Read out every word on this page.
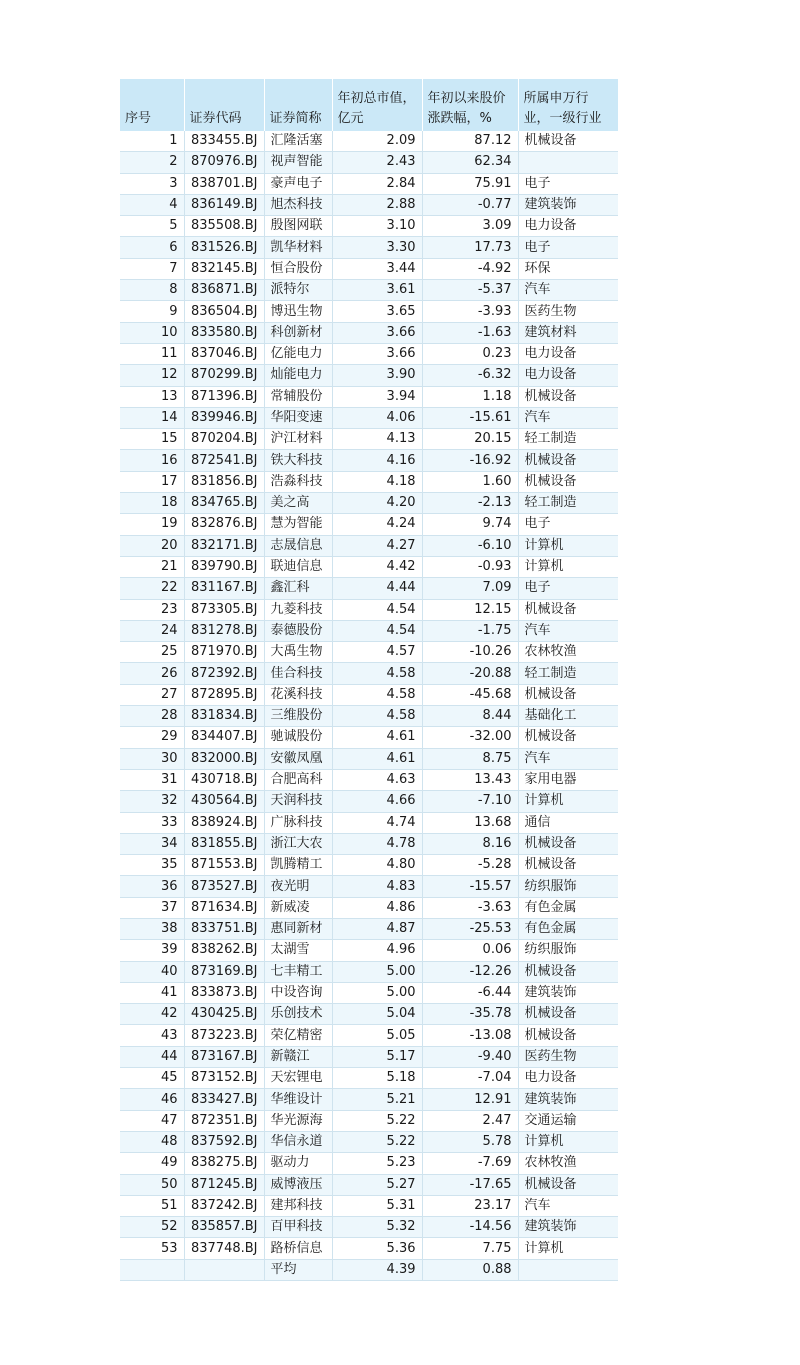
序号	证券代码	证券简称	年初总市值，亿元	年初以来股价涨跌幅，%	所属申万行业，一级行业
1	833455.BJ	汇隆活塞	2.09	87.12	机械设备
2	870976.BJ	视声智能	2.43	62.34	
3	838701.BJ	豪声电子	2.84	75.91	电子
4	836149.BJ	旭杰科技	2.88	-0.77	建筑装饰
5	835508.BJ	殷图网联	3.10	3.09	电力设备
6	831526.BJ	凯华材料	3.30	17.73	电子
7	832145.BJ	恒合股份	3.44	-4.92	环保
8	836871.BJ	派特尔	3.61	-5.37	汽车
9	836504.BJ	博迅生物	3.65	-3.93	医药生物
10	833580.BJ	科创新材	3.66	-1.63	建筑材料
11	837046.BJ	亿能电力	3.66	0.23	电力设备
12	870299.BJ	灿能电力	3.90	-6.32	电力设备
13	871396.BJ	常辅股份	3.94	1.18	机械设备
14	839946.BJ	华阳变速	4.06	-15.61	汽车
15	870204.BJ	沪江材料	4.13	20.15	轻工制造
16	872541.BJ	铁大科技	4.16	-16.92	机械设备
17	831856.BJ	浩淼科技	4.18	1.60	机械设备
18	834765.BJ	美之高	4.20	-2.13	轻工制造
19	832876.BJ	慧为智能	4.24	9.74	电子
20	832171.BJ	志晟信息	4.27	-6.10	计算机
21	839790.BJ	联迪信息	4.42	-0.93	计算机
22	831167.BJ	鑫汇科	4.44	7.09	电子
23	873305.BJ	九菱科技	4.54	12.15	机械设备
24	831278.BJ	泰德股份	4.54	-1.75	汽车
25	871970.BJ	大禹生物	4.57	-10.26	农林牧渔
26	872392.BJ	佳合科技	4.58	-20.88	轻工制造
27	872895.BJ	花溪科技	4.58	-45.68	机械设备
28	831834.BJ	三维股份	4.58	8.44	基础化工
29	834407.BJ	驰诚股份	4.61	-32.00	机械设备
30	832000.BJ	安徽凤凰	4.61	8.75	汽车
31	430718.BJ	合肥高科	4.63	13.43	家用电器
32	430564.BJ	天润科技	4.66	-7.10	计算机
33	838924.BJ	广脉科技	4.74	13.68	通信
34	831855.BJ	浙江大农	4.78	8.16	机械设备
35	871553.BJ	凯腾精工	4.80	-5.28	机械设备
36	873527.BJ	夜光明	4.83	-15.57	纺织服饰
37	871634.BJ	新威凌	4.86	-3.63	有色金属
38	833751.BJ	惠同新材	4.87	-25.53	有色金属
39	838262.BJ	太湖雪	4.96	0.06	纺织服饰
40	873169.BJ	七丰精工	5.00	-12.26	机械设备
41	833873.BJ	中设咨询	5.00	-6.44	建筑装饰
42	430425.BJ	乐创技术	5.04	-35.78	机械设备
43	873223.BJ	荣亿精密	5.05	-13.08	机械设备
44	873167.BJ	新赣江	5.17	-9.40	医药生物
45	873152.BJ	天宏锂电	5.18	-7.04	电力设备
46	833427.BJ	华维设计	5.21	12.91	建筑装饰
47	872351.BJ	华光源海	5.22	2.47	交通运输
48	837592.BJ	华信永道	5.22	5.78	计算机
49	838275.BJ	驱动力	5.23	-7.69	农林牧渔
50	871245.BJ	威博液压	5.27	-17.65	机械设备
51	837242.BJ	建邦科技	5.31	23.17	汽车
52	835857.BJ	百甲科技	5.32	-14.56	建筑装饰
53	837748.BJ	路桥信息	5.36	7.75	计算机
		平均	4.39	0.88	
